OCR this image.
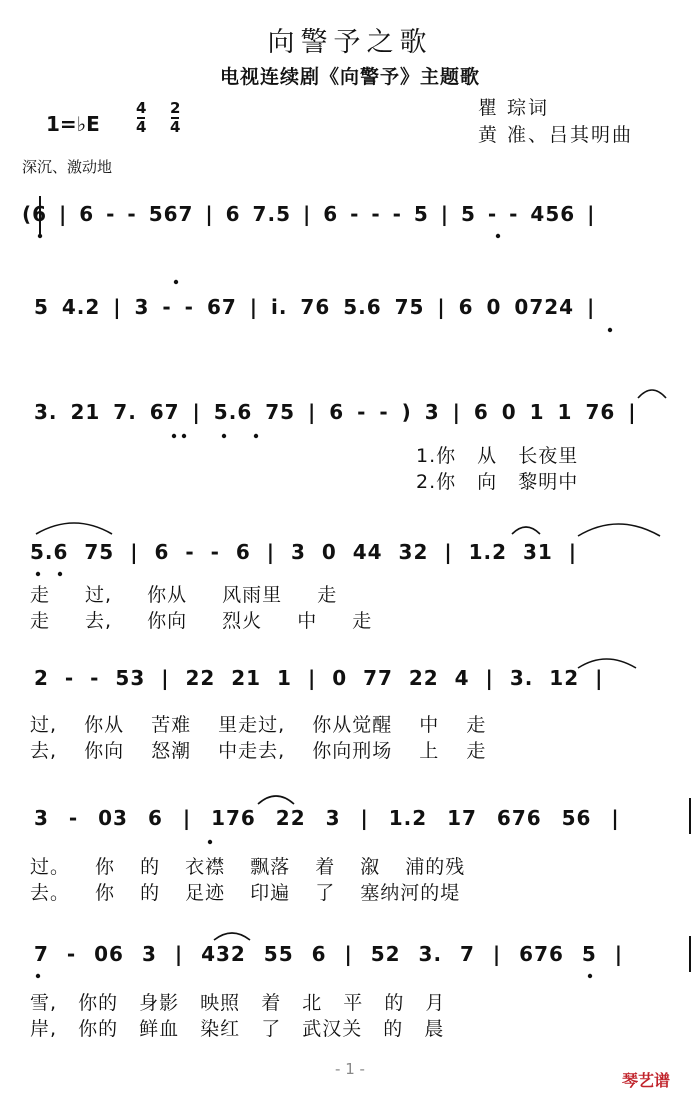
向警予之歌
电视连续剧《向警予》主题歌
1=♭E
4
4
2
4
瞿 琮词
黄 准、吕其明曲
深沉、激动地
(6 | 6 - - 567 | 6 7.5 | 6 - - - 5 | 5 - - 456 |
5 4.2 | 3 - - 67 | i. 76 5.6 75 | 6 0 0724 |
3. 21 7. 67 | 5.6 75 | 6 - - ) 3 | 6 0 1 1 76 |
1.你 从 长夜里
2.你 向 黎明中
5.6 75 | 6 - - 6 | 3 0 44 32 | 1.2 31 |
走 过, 你从 风雨里 走
走 去, 你向 烈火 中 走
2 - - 53 | 22 21 1 | 0 77 22 4 | 3. 12 |
过, 你从 苦难 里走过, 你从觉醒 中 走
去, 你向 怒潮 中走去, 你向刑场 上 走
3 - 03 6 | 176 22 3 | 1.2 17 676 56 |
过。 你 的 衣襟 飘落 着 溆 浦的残
去。 你 的 足迹 印遍 了 塞纳河的堤
7 - 06 3 | 432 55 6 | 52 3. 7 | 676 5 |
雪, 你的 身影 映照 着 北 平 的 月
岸, 你的 鲜血 染红 了 武汉关 的 晨
- 1 -
琴艺谱
